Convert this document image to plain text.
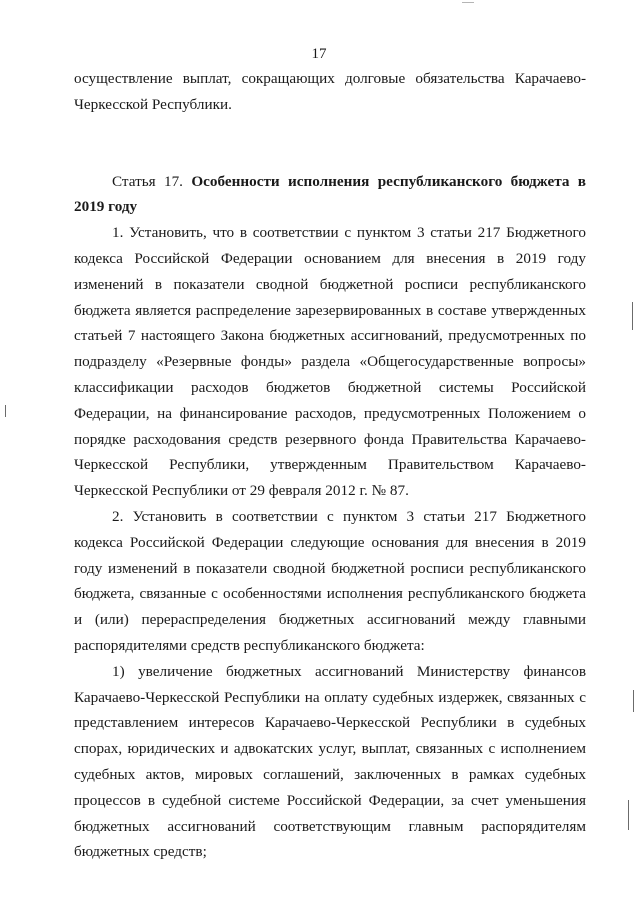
17

осуществление выплат, сокращающих долговые обязательства Карачаево-Черкесской Республики.

Статья 17. Особенности исполнения республиканского бюджета в 2019 году

1. Установить, что в соответствии с пунктом 3 статьи 217 Бюджетного кодекса Российской Федерации основанием для внесения в 2019 году изменений в показатели сводной бюджетной росписи республиканского бюджета является распределение зарезервированных в составе утвержденных статьей 7 настоящего Закона бюджетных ассигнований, предусмотренных по подразделу «Резервные фонды» раздела «Общегосударственные вопросы» классификации расходов бюджетов бюджетной системы Российской Федерации, на финансирование расходов, предусмотренных Положением о порядке расходования средств резервного фонда Правительства Карачаево-Черкесской Республики, утвержденным Правительством Карачаево-Черкесской Республики от 29 февраля 2012 г. № 87.

2. Установить в соответствии с пунктом 3 статьи 217 Бюджетного кодекса Российской Федерации следующие основания для внесения в 2019 году изменений в показатели сводной бюджетной росписи республиканского бюджета, связанные с особенностями исполнения республиканского бюджета и (или) перераспределения бюджетных ассигнований между главными распорядителями средств республиканского бюджета:

1) увеличение бюджетных ассигнований Министерству финансов Карачаево-Черкесской Республики на оплату судебных издержек, связанных с представлением интересов Карачаево-Черкесской Республики в судебных спорах, юридических и адвокатских услуг, выплат, связанных с исполнением судебных актов, мировых соглашений, заключенных в рамках судебных процессов в судебной системе Российской Федерации, за счет уменьшения бюджетных ассигнований соответствующим главным распорядителям бюджетных средств;
